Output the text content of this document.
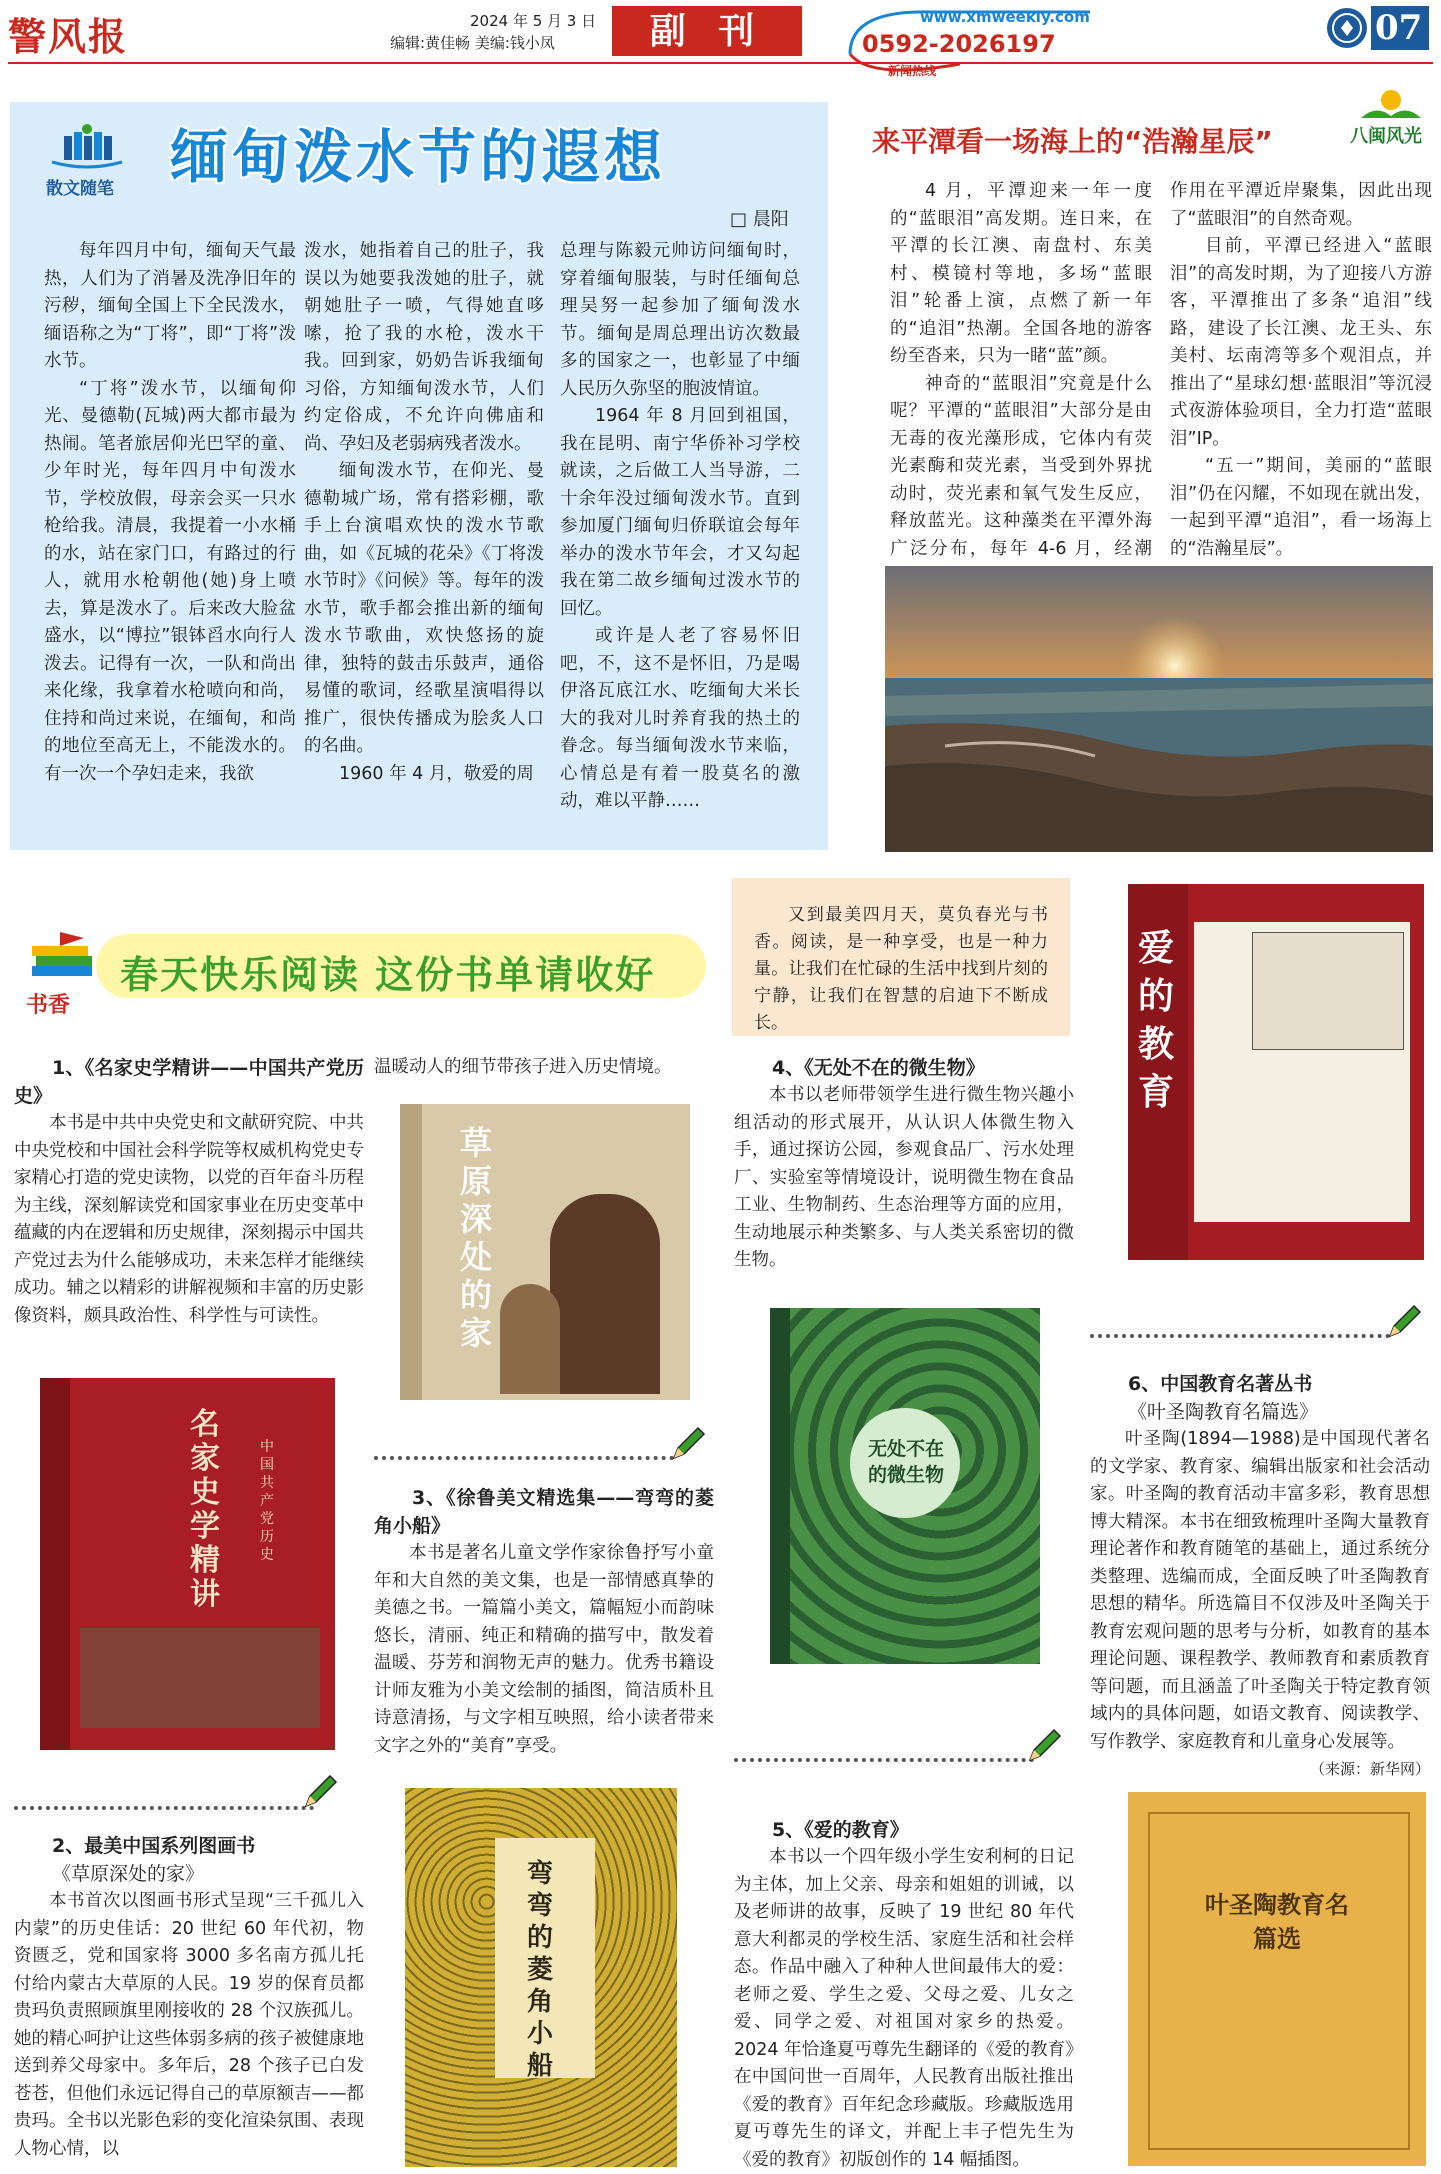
警风报	2024 年 5 月 3 日
编辑:黄佳畅 美编:钱小凤	副 刊	www.xmweekly.com
0592-2026197
新闻热线
07
散文随笔 缅甸泼水节的遐想
□ 晨阳

每年四月中旬，缅甸天气最热，人们为了消暑及洗净旧年的污秽，缅甸全国上下全民泼水，缅语称之为“丁将”，即“丁将”泼水节。

“丁将”泼水节，以缅甸仰光、曼德勒(瓦城)两大都市最为热闹。笔者旅居仰光巴罕的童、少年时光，每年四月中旬泼水节，学校放假，母亲会买一只水枪给我。清晨，我提着一小水桶的水，站在家门口，有路过的行人，就用水枪朝他(她)身上喷去，算是泼水了。后来改大脸盆盛水，以“博拉”银钵舀水向行人泼去。记得有一次，一队和尚出来化缘，我拿着水枪喷向和尚，住持和尚过来说，在缅甸，和尚的地位至高无上，不能泼水的。有一次一个孕妇走来，我欲

泼水，她指着自己的肚子，我误以为她要我泼她的肚子，就朝她肚子一喷，气得她直哆嗦，抢了我的水枪，泼水干我。回到家，奶奶告诉我缅甸习俗，方知缅甸泼水节，人们约定俗成，不允许向佛庙和尚、孕妇及老弱病残者泼水。

缅甸泼水节，在仰光、曼德勒城广场，常有搭彩棚，歌手上台演唱欢快的泼水节歌曲，如《瓦城的花朵》《丁将泼水节时》《问候》等。每年的泼水节，歌手都会推出新的缅甸泼水节歌曲，欢快悠扬的旋律，独特的鼓击乐鼓声，通俗易懂的歌词，经歌星演唱得以推广，很快传播成为脍炙人口的名曲。

1960 年 4 月，敬爱的周

总理与陈毅元帅访问缅甸时，穿着缅甸服装，与时任缅甸总理吴努一起参加了缅甸泼水节。缅甸是周总理出访次数最多的国家之一，也彰显了中缅人民历久弥坚的胞波情谊。

1964 年 8 月回到祖国，我在昆明、南宁华侨补习学校就读，之后做工人当导游，二十余年没过缅甸泼水节。直到参加厦门缅甸归侨联谊会每年举办的泼水节年会，才又勾起我在第二故乡缅甸过泼水节的回忆。

或许是人老了容易怀旧吧，不，这不是怀旧，乃是喝伊洛瓦底江水、吃缅甸大米长大的我对儿时养育我的热土的眷念。每当缅甸泼水节来临，心情总是有着一股莫名的激动，难以平静……

来平潭看一场海上的“浩瀚星辰”	八闽风光

4 月，平潭迎来一年一度的“蓝眼泪”高发期。连日来，在平潭的长江澳、南盘村、东美村、模镜村等地，多场“蓝眼泪”轮番上演，点燃了新一年的“追泪”热潮。全国各地的游客纷至沓来，只为一睹“蓝”颜。

神奇的“蓝眼泪”究竟是什么呢？平潭的“蓝眼泪”大部分是由无毒的夜光藻形成，它体内有荧光素酶和荧光素，当受到外界扰动时，荧光素和氧气发生反应，释放蓝光。这种藻类在平潭外海广泛分布，每年 4-6 月，经潮

作用在平潭近岸聚集，因此出现了“蓝眼泪”的自然奇观。

目前，平潭已经进入“蓝眼泪”的高发时期，为了迎接八方游客，平潭推出了多条“追泪”线路，建设了长江澳、龙王头、东美村、坛南湾等多个观泪点，并推出了“星球幻想·蓝眼泪”等沉浸式夜游体验项目，全力打造“蓝眼泪”IP。

“五一”期间，美丽的“蓝眼泪”仍在闪耀，不如现在就出发，一起到平潭“追泪”，看一场海上的“浩瀚星辰”。

书香
春天快乐阅读 这份书单请收好

又到最美四月天，莫负春光与书香。阅读，是一种享受，也是一种力量。让我们在忙碌的生活中找到片刻的宁静，让我们在智慧的启迪下不断成长。

1、《名家史学精讲——中国共产党历史》

本书是中共中央党史和文献研究院、中共中央党校和中国社会科学院等权威机构党史专家精心打造的党史读物，以党的百年奋斗历程为主线，深刻解读党和国家事业在历史变革中蕴藏的内在逻辑和历史规律，深刻揭示中国共产党过去为什么能够成功，未来怎样才能继续成功。辅之以精彩的讲解视频和丰富的历史影像资料，颇具政治性、科学性与可读性。

名家史学精讲
中国共产党历史

2、最美中国系列图画书

《草原深处的家》

本书首次以图画书形式呈现“三千孤儿入内蒙”的历史佳话：20 世纪 60 年代初，物资匮乏，党和国家将 3000 多名南方孤儿托付给内蒙古大草原的人民。19 岁的保育员都贵玛负责照顾旗里刚接收的 28 个汉族孤儿。她的精心呵护让这些体弱多病的孩子被健康地送到养父母家中。多年后，28 个孩子已白发苍苍，但他们永远记得自己的草原额吉——都贵玛。全书以光影色彩的变化渲染氛围、表现人物心情，以

温暖动人的细节带孩子进入历史情境。

草原深处的家

3、《徐鲁美文精选集——弯弯的菱角小船》

本书是著名儿童文学作家徐鲁抒写小童年和大自然的美文集，也是一部情感真挚的美德之书。一篇篇小美文，篇幅短小而韵味悠长，清丽、纯正和精确的描写中，散发着温暖、芬芳和润物无声的魅力。优秀书籍设计师友雅为小美文绘制的插图，简洁质朴且诗意清扬，与文字相互映照，给小读者带来文字之外的“美育”享受。

弯弯的菱角小船

4、《无处不在的微生物》

本书以老师带领学生进行微生物兴趣小组活动的形式展开，从认识人体微生物入手，通过探访公园，参观食品厂、污水处理厂、实验室等情境设计，说明微生物在食品工业、生物制药、生态治理等方面的应用，生动地展示种类繁多、与人类关系密切的微生物。

无处不在的微生物

5、《爱的教育》

本书以一个四年级小学生安利柯的日记为主体，加上父亲、母亲和姐姐的训诫，以及老师讲的故事，反映了 19 世纪 80 年代意大利都灵的学校生活、家庭生活和社会样态。作品中融入了种种人世间最伟大的爱：老师之爱、学生之爱、父母之爱、儿女之爱、同学之爱、对祖国对家乡的热爱。2024 年恰逢夏丏尊先生翻译的《爱的教育》在中国问世一百周年，人民教育出版社推出《爱的教育》百年纪念珍藏版。珍藏版选用夏丏尊先生的译文，并配上丰子恺先生为《爱的教育》初版创作的 14 幅插图。

爱的教育

6、中国教育名著丛书

《叶圣陶教育名篇选》

叶圣陶(1894—1988)是中国现代著名的文学家、教育家、编辑出版家和社会活动家。叶圣陶的教育活动丰富多彩，教育思想博大精深。本书在细致梳理叶圣陶大量教育理论著作和教育随笔的基础上，通过系统分类整理、选编而成，全面反映了叶圣陶教育思想的精华。所选篇目不仅涉及叶圣陶关于教育宏观问题的思考与分析，如教育的基本理论问题、课程教学、教师教育和素质教育等问题，而且涵盖了叶圣陶关于特定教育领域内的具体问题，如语文教育、阅读教学、写作教学、家庭教育和儿童身心发展等。

（来源：新华网）
叶圣陶教育名篇选
